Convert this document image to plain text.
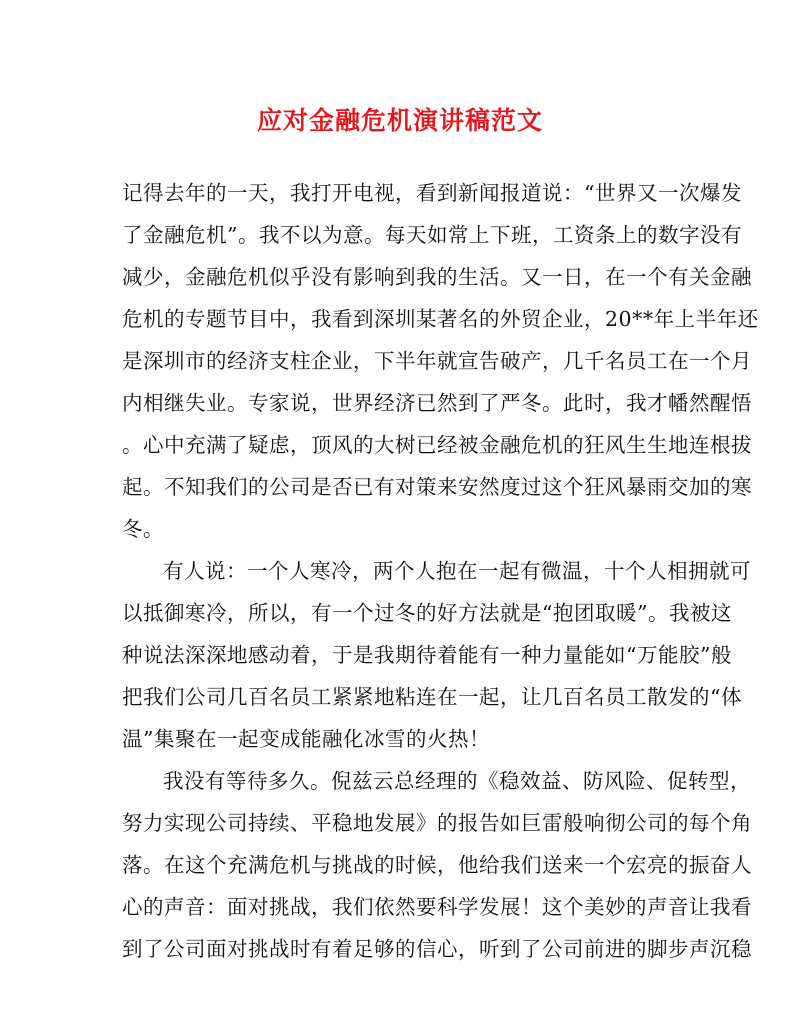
应对金融危机演讲稿范文
记得去年的一天，我打开电视，看到新闻报道说：“世界又一次爆发
了金融危机”。我不以为意。每天如常上下班，工资条上的数字没有
减少，金融危机似乎没有影响到我的生活。又一日，在一个有关金融
危机的专题节目中，我看到深圳某著名的外贸企业，20**年上半年还
是深圳市的经济支柱企业，下半年就宣告破产，几千名员工在一个月
内相继失业。专家说，世界经济已然到了严冬。此时，我才幡然醒悟
。心中充满了疑虑，顶风的大树已经被金融危机的狂风生生地连根拔
起。不知我们的公司是否已有对策来安然度过这个狂风暴雨交加的寒
冬。
有人说：一个人寒冷，两个人抱在一起有微温，十个人相拥就可
以抵御寒冷，所以，有一个过冬的好方法就是“抱团取暖”。我被这
种说法深深地感动着，于是我期待着能有一种力量能如“万能胶”般
把我们公司几百名员工紧紧地粘连在一起，让几百名员工散发的“体
温”集聚在一起变成能融化冰雪的火热！
我没有等待多久。倪兹云总经理的《稳效益、防风险、促转型，
努力实现公司持续、平稳地发展》的报告如巨雷般响彻公司的每个角
落。在这个充满危机与挑战的时候，他给我们送来一个宏亮的振奋人
心的声音：面对挑战，我们依然要科学发展！这个美妙的声音让我看
到了公司面对挑战时有着足够的信心，听到了公司前进的脚步声沉稳
